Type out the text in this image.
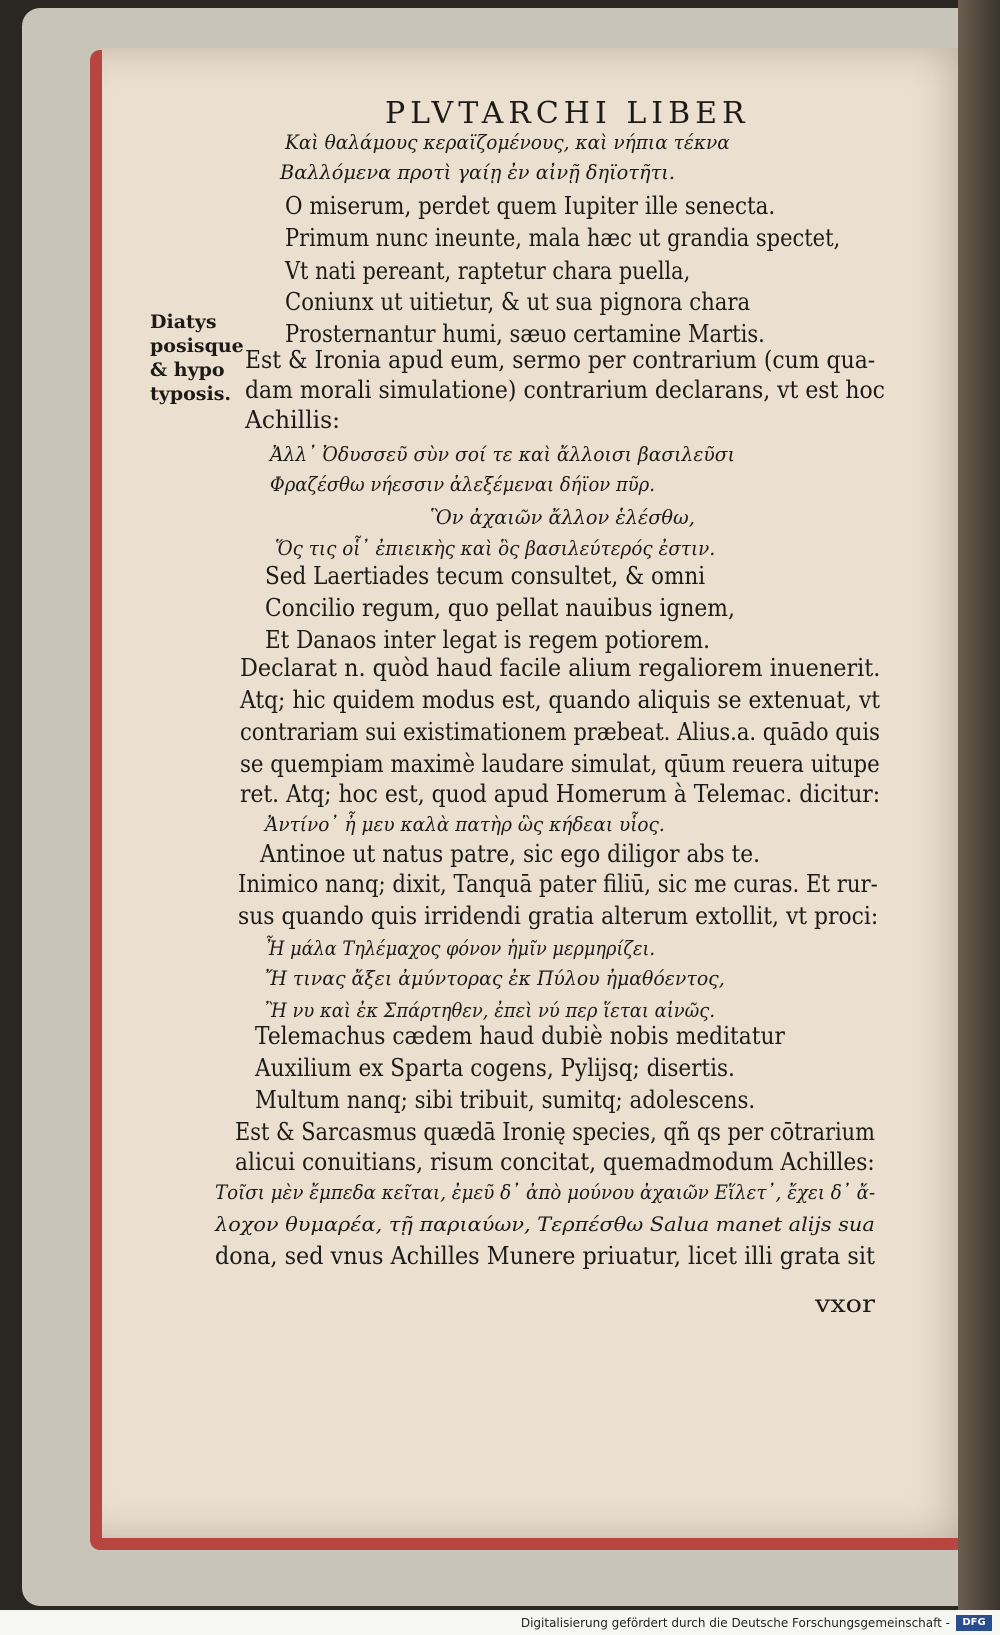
PLVTARCHI LIBER
Diatys
posisque
& hypo
typosis.
Καὶ θαλάμους κεραϊζομένους, καὶ νήπια τέκνα
Βαλλόμενα προτὶ γαίῃ ἐν αἰνῇ δηϊοτῆτι.
O miserum, perdet quem Iupiter ille senecta.
Primum nunc ineunte, mala hæc ut grandia spectet,
Vt nati pereant, raptetur chara puella,
Coniunx ut uitietur, & ut sua pignora chara
Prosternantur humi, sæuo certamine Martis.
Est & Ironia apud eum, sermo per contrarium (cum qua-
dam morali simulatione) contrarium declarans, vt est hoc
Achillis:
Ἀλλ᾽ Ὀδυσσεῦ σὺν σοί τε καὶ ἄλλοισι βασιλεῦσι
Φραζέσθω νήεσσιν ἀλεξέμεναι δήϊον πῦρ.
Ὃν ἀχαιῶν ἄλλον ἑλέσθω,
Ὅς τις οἷ᾽ ἐπιεικὴς καὶ ὃς βασιλεύτερός ἐστιν.
Sed Laertiades tecum consultet, & omni
Concilio regum, quo pellat nauibus ignem,
Et Danaos inter legat is regem potiorem.
Declarat n. quòd haud facile alium regaliorem inuenerit.
Atq; hic quidem modus est, quando aliquis se extenuat, vt
contrariam sui existimationem præbeat. Alius.a. quādo quis
se quempiam maximè laudare simulat, qūum reuera uitupe
ret. Atq; hoc est, quod apud Homerum à Telemac. dicitur:
Ἀντίνο᾽ ἦ μευ καλὰ πατὴρ ὣς κήδεαι υἷος.
Antinoe ut natus patre, sic ego diligor abs te.
Inimico nanq; dixit, Tanquā pater filiū, sic me curas. Et rur-
sus quando quis irridendi gratia alterum extollit, vt proci:
Ἦ μάλα Τηλέμαχος φόνον ἡμῖν μερμηρίζει.
Ἤ τινας ἄξει ἀμύντορας ἐκ Πύλου ἠμαθόεντος,
Ἢ νυ καὶ ἐκ Σπάρτηθεν, ἐπεὶ νύ περ ἵεται αἰνῶς.
Telemachus cædem haud dubiè nobis meditatur
Auxilium ex Sparta cogens, Pylijsq; disertis.
Multum nanq; sibi tribuit, sumitq; adolescens.
Est & Sarcasmus quædā Ironię species, qñ qs per cōtrarium
alicui conuitians, risum concitat, quemadmodum Achilles:
Τοῖσι μὲν ἔμπεδα κεῖται, ἐμεῦ δ᾽ ἀπὸ μούνου ἀχαιῶν Εἵλετ᾽, ἔχει δ᾽ ἄ-
λοχον θυμαρέα, τῇ παριαύων, Τερπέσθω Salua manet alijs sua
dona, sed vnus Achilles Munere priuatur, licet illi grata sit
vxor
Digitalisierung gefördert durch die Deutsche Forschungsgemeinschaft -	DFG
